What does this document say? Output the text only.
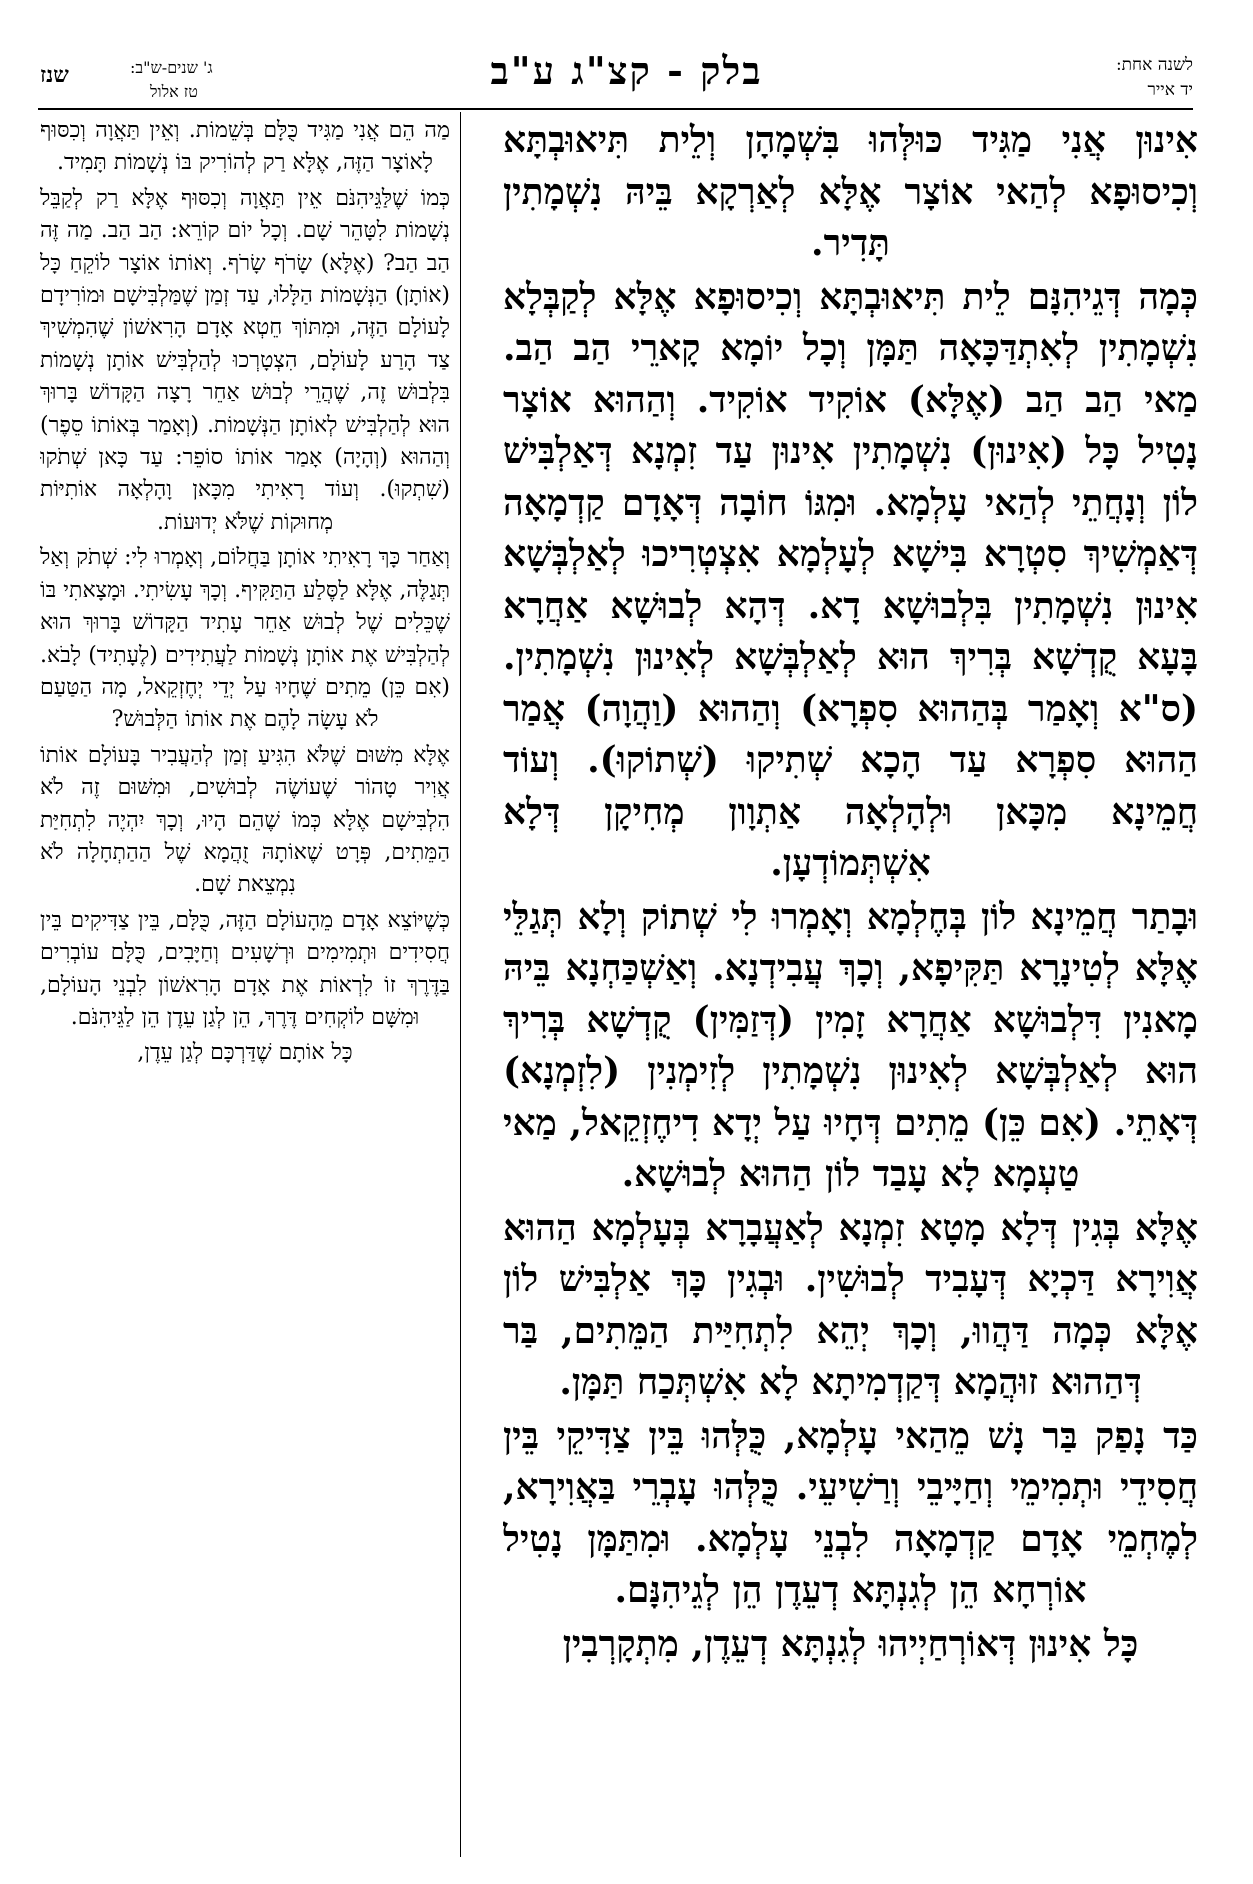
לשנה אחת:
יד אייר
בלק - קצ"ג ע"ב
ג' שנים-ש"ב:
טז אלול
שנז

אִינוּן אֲנִי מַגִּיד כּוּלְּהוּ בִּשְׁמָהָן וְלֵית תִּיאוּבְתָּא וְכִיסוּפָא לְהַאי אוֹצָר אֶלָּא לְאַרְקָא בֵּיהּ נִשְׁמָתִין תָּדִיר.

כְּמָה דְּגֵיהִנָּם לֵית תִּיאוּבְתָּא וְכִיסוּפָא אֶלָּא לְקַבְּלָא נִשְׁמָתִין לְאִתְדַּכָּאָה תַּמָּן וְכָל יוֹמָא קָארֵי הַב הַב. מַאי הַב הַב (אֶלָּא) אוֹקִיד אוֹקִיד. וְהַהוּא אוֹצָר נָטִיל כָּל (אִינוּן) נִשְׁמָתִין אִינוּן עַד זִמְנָא דְּאַלְבִּישׁ לוֹן וְנָחֲתֵי לְהַאי עָלְמָא. וּמִגּוֹ חוֹבָה דְּאָדָם קַדְמָאָה דְּאַמְשִׁיךְ סִטְרָא בִּישָׁא לְעָלְמָא אִצְטְרִיכוּ לְאַלְבְּשָׁא אִינוּן נִשְׁמָתִין בִּלְבוּשָׁא דָא. דְּהָא לְבוּשָׁא אַחֲרָא בָּעָא קֻדְשָׁא בְּרִיךְ הוּא לְאַלְבְּשָׁא לְאִינוּן נִשְׁמָתִין. (ס"א וְאָמַר בְּהַהוּא סִפְרָא) וְהַהוּא (וַהֲוָה) אֲמַר הַהוּא סִפְרָא עַד הָכָא שְׁתִיקוּ (שְׁתוֹקוּ). וְעוֹד חֲמֵינָא מִכָּאן וּלְהָלְאָה אַתְוָון מְחִיקָן דְּלָא אִשְׁתְּמוֹדְעָן.

וּבָתַר חֲמֵינָא לוֹן בְּחֶלְמָא וְאָמְרוּ לִי שְׁתוֹק וְלָא תְּגַלֵּי אֶלָּא לְטִינָרָא תַּקִּיפָא, וְכָךְ עֲבִידְנָא. וְאַשְׁכַּחְנָא בֵּיהּ מָאנִין דִּלְבוּשָׁא אַחֲרָא זָמִין (דְּזַמִּין) קֻדְשָׁא בְּרִיךְ הוּא לְאַלְבְּשָׁא לְאִינוּן נִשְׁמָתִין לְזִימְנִין (לִזְמְנָא) דְּאָתֵי. (אִם כֵּן) מֵתִים דְּחָיוּ עַל יְדָא דִיחֶזְקֵאל, מַאי טַעְמָא לָא עָבַד לוֹן הַהוּא לְבוּשָׁא.

אֶלָּא בְּגִין דְּלָא מָטָא זִמְנָא לְאַעֲבָרָא בְּעָלְמָא הַהוּא אֲוִירָא דַּכְיָא דְּעָבִיד לְבוּשִׁין. וּבְגִין כָּךְ אַלְבִּישׁ לוֹן אֶלָּא כְּמָה דַּהֲווּ, וְכָךְ יְהֵא לִתְחִיַּית הַמֵּתִים, בַּר דְּהַהוּא זוּהֲמָא דְּקַדְמִיתָא לָא אִשְׁתְּכַח תַּמָּן.

כַּד נָפַק בַּר נָשׁ מֵהַאי עָלְמָא, כֻּלְּהוּ בֵּין צַדִּיקֵי בֵּין חֲסִידֵי וּתְמִימֵי וְחַיָּיבֵי וְרַשִׁיעֵי. כֻּלְּהוּ עָבְרֵי בַּאֲוִירָא, לְמֶחְמֵי אָדָם קַדְמָאָה לִבְנֵי עָלְמָא. וּמִתַּמָּן נָטִיל אוֹרְחָא הֵן לְגִנְתָּא דְעֵדֶן הֵן לְגֵיהִנָּם.

כָּל אִינוּן דְּאוֹרְחַיְיהוּ לְגִנְתָּא דְעֵדֶן, מִתְקָרְבִין

מַה הֵם אֲנִי מַגִּיד כֻּלָּם בְּשֵׁמוֹת. וְאֵין תַּאֲוָה וְכִסּוּף לָאוֹצָר הַזֶּה, אֶלָּא רַק לְהוֹרִיק בּוֹ נְשָׁמוֹת תָּמִיד.

כְּמוֹ שֶׁלַּגֵּיהִנֹּם אֵין תַּאֲוָה וְכִסּוּף אֶלָּא רַק לְקַבֵּל נְשָׁמוֹת לִטָּהֵר שָׁם. וְכָל יוֹם קוֹרֵא: הַב הַב. מַה זֶּה הַב הַב? (אֶלָּא) שָׂרֹף שָׂרֹף. וְאוֹתוֹ אוֹצָר לוֹקֵחַ כָּל (אוֹתָן) הַנְּשָׁמוֹת הַלָּלוּ, עַד זְמַן שֶׁמַּלְבִּישָׁם וּמוֹרִידָם לָעוֹלָם הַזֶּה, וּמִתּוֹךְ חֵטְא אָדָם הָרִאשׁוֹן שֶׁהִמְשִׁיךְ צַד הָרַע לָעוֹלָם, הִצְטָרְכוּ לְהַלְבִּישׁ אוֹתָן נְשָׁמוֹת בִּלְבוּשׁ זֶה, שֶׁהֲרֵי לְבוּשׁ אַחֵר רָצָה הַקָּדוֹשׁ בָּרוּךְ הוּא לְהַלְבִּישׁ לְאוֹתָן הַנְּשָׁמוֹת. (וְאָמַר בְּאוֹתוֹ סֵפֶר) וְהַהוּא (וְהָיָה) אָמַר אוֹתוֹ סוֹפֵר: עַד כָּאן שְׁתֹקוּ (שִׁתְקוּ). וְעוֹד רָאִיתִי מִכָּאן וָהָלְאָה אוֹתִיּוֹת מְחוּקוֹת שֶׁלֹּא יְדוּעוֹת.

וְאַחַר כָּךְ רָאִיתִי אוֹתָן בַּחֲלוֹם, וְאָמְרוּ לִי: שְׁתֹק וְאַל תְּגַלֶּה, אֶלָּא לַסֶּלַע הַתַּקִּיף. וְכָךְ עָשִׂיתִי. וּמָצָאתִי בּוֹ שֶׁכֵּלִים שֶׁל לְבוּשׁ אַחֵר עָתִיד הַקָּדוֹשׁ בָּרוּךְ הוּא לְהַלְבִּישׁ אֶת אוֹתָן נְשָׁמוֹת לַעֲתִידִים (לֶעָתִיד) לָבֹא. (אִם כֵּן) מֵתִים שֶׁחָיוּ עַל יְדֵי יְחֶזְקֵאל, מָה הַטַּעַם לֹא עָשָׂה לָהֶם אֶת אוֹתוֹ הַלְּבוּשׁ?

אֶלָּא מִשּׁוּם שֶׁלֹּא הִגִּיעַ זְמַן לְהַעֲבִיר בָּעוֹלָם אוֹתוֹ אֲוִיר טָהוֹר שֶׁעוֹשֶׂה לְבוּשִׁים, וּמִשּׁוּם זֶה לֹא הִלְבִּישָׁם אֶלָּא כְּמוֹ שֶׁהֵם הָיוּ, וְכָךְ יִהְיֶה לִתְחִיַּת הַמֵּתִים, פְּרָט שֶׁאוֹתָהּ זֻהֲמָא שֶׁל הַהַתְחָלָה לֹא נִמְצֵאת שָׁם.

כְּשֶׁיּוֹצֵא אָדָם מֵהָעוֹלָם הַזֶּה, כֻּלָּם, בֵּין צַדִּיקִים בֵּין חֲסִידִים וּתְמִימִים וּרְשָׁעִים וְחַיָּבִים, כֻּלָּם עוֹבְרִים בַּדֶּרֶךְ זוֹ לִרְאוֹת אֶת אָדָם הָרִאשׁוֹן לִבְנֵי הָעוֹלָם, וּמִשָּׁם לוֹקְחִים דֶּרֶךְ, הֵן לְגַן עֵדֶן הֵן לַגֵּיהִנֹּם.

כָּל אוֹתָם שֶׁדַּרְכָּם לְגַן עֵדֶן,
